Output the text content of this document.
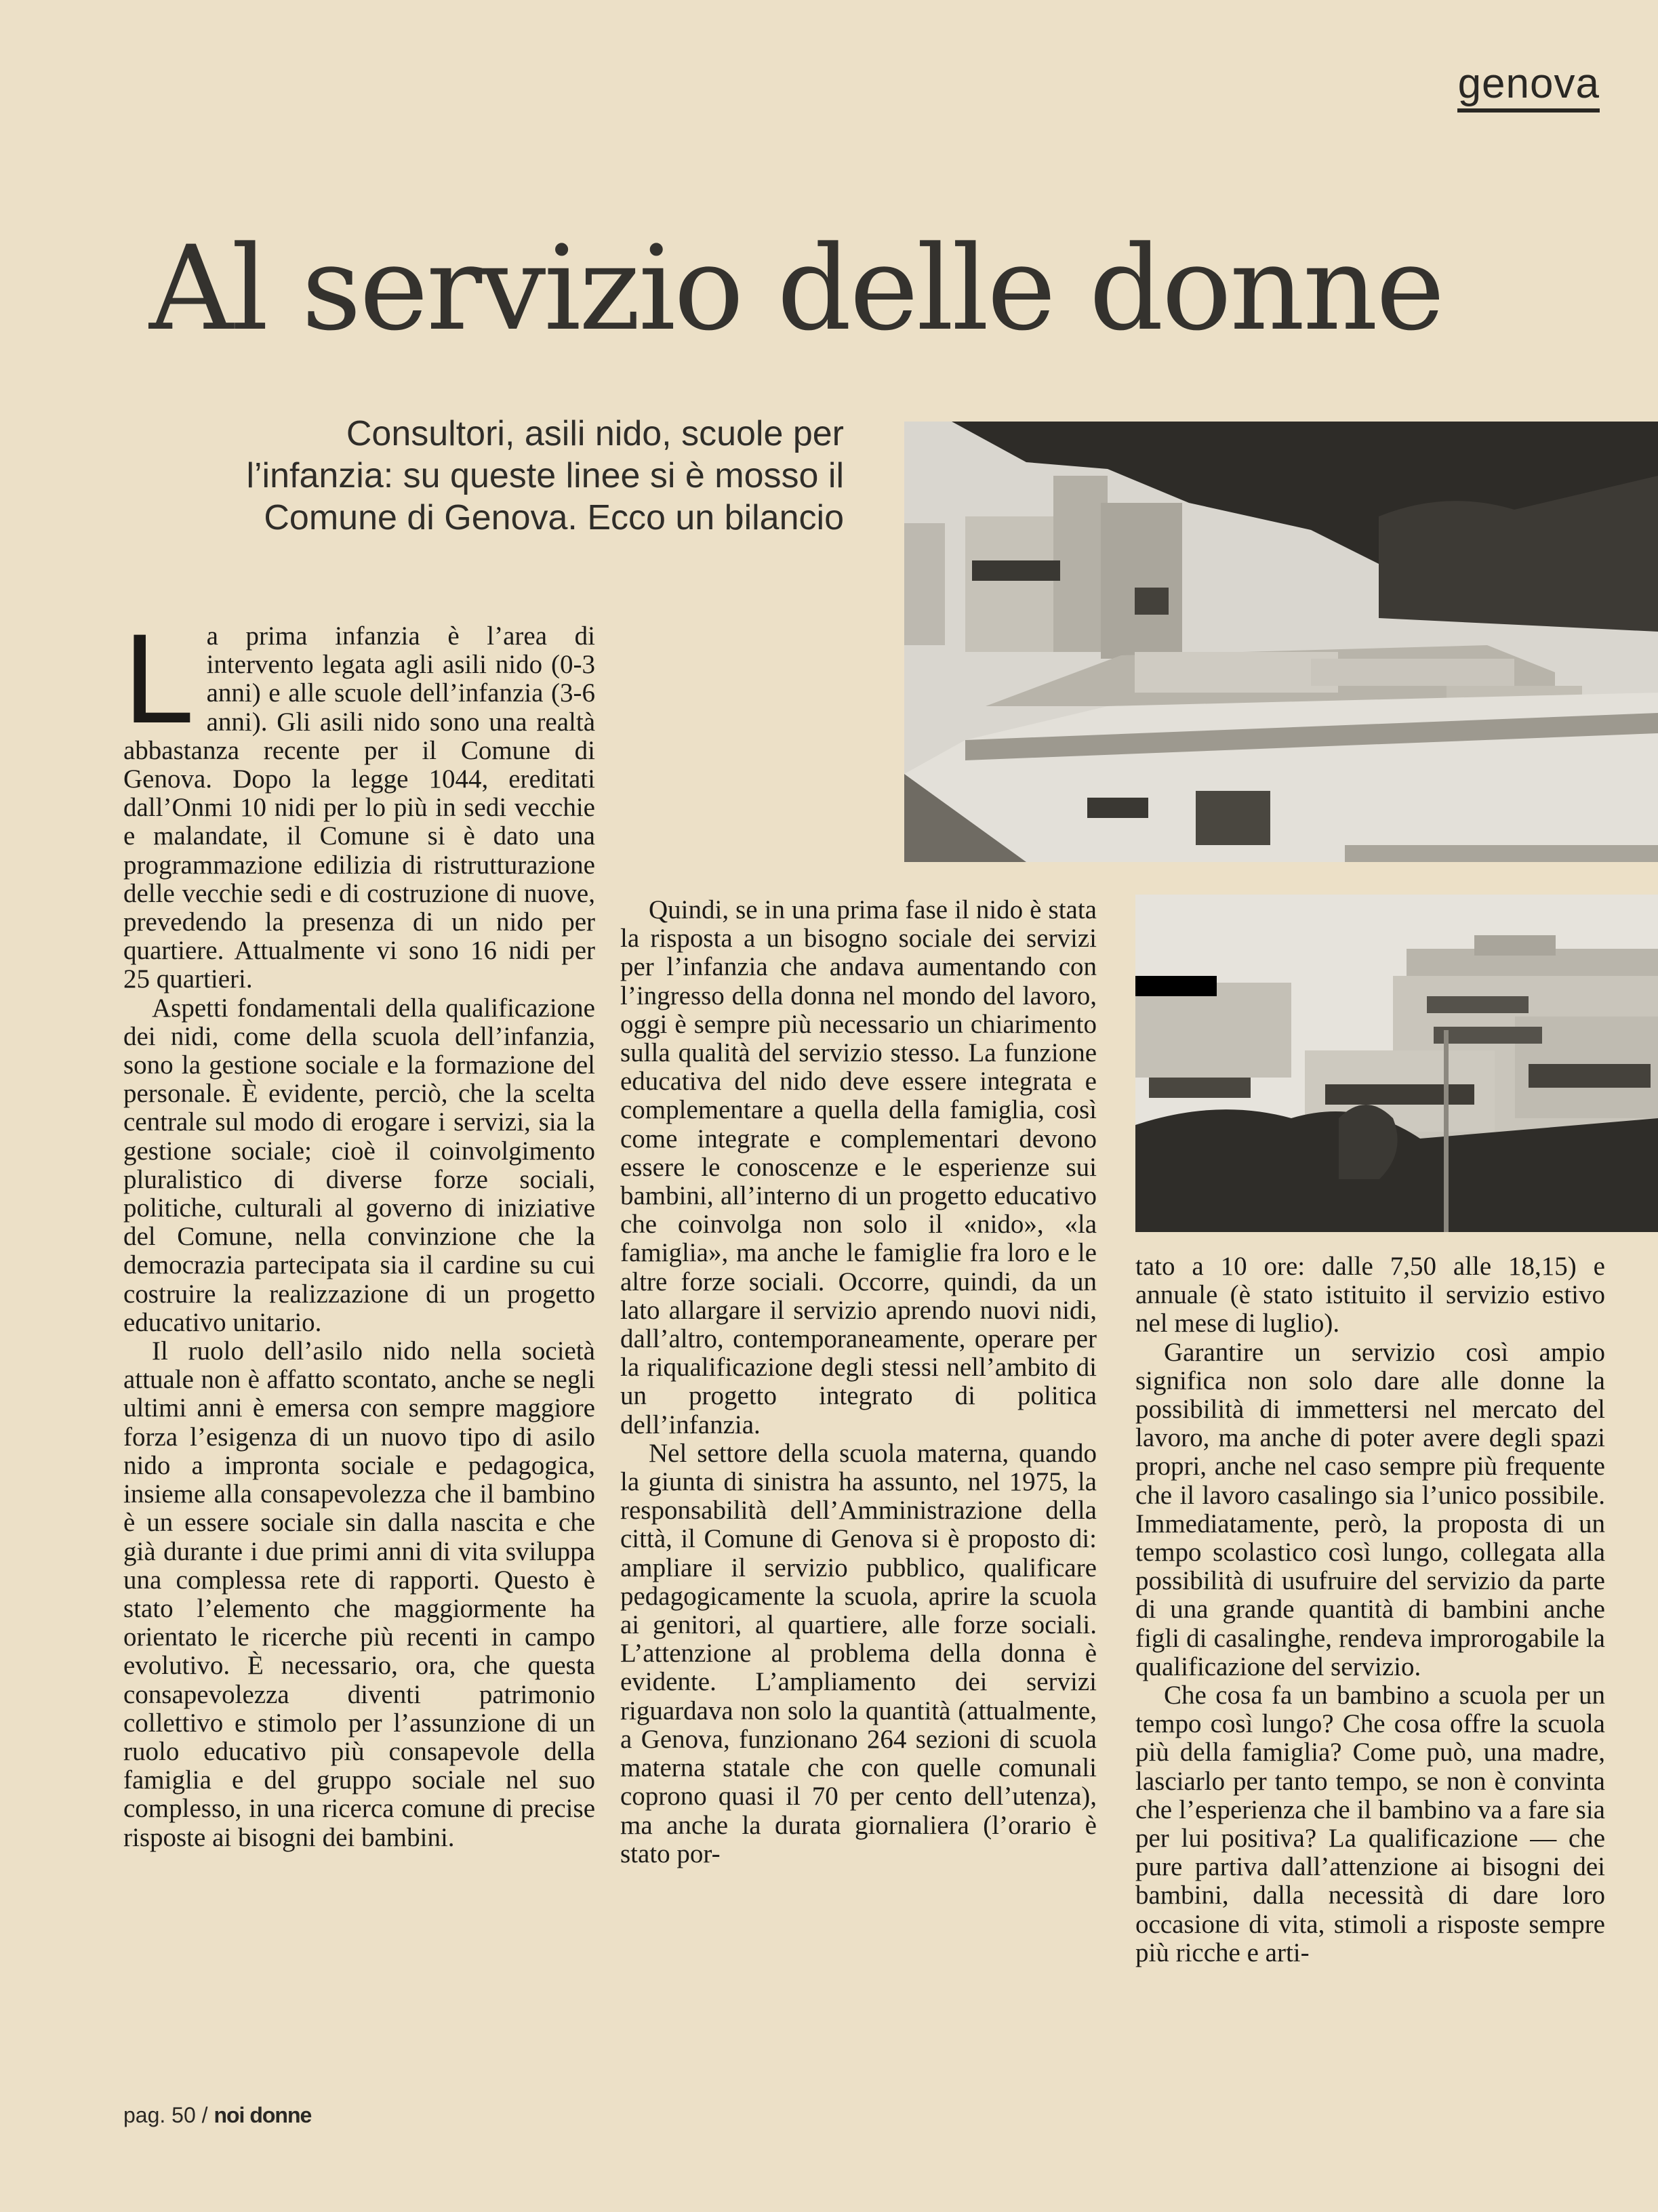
genova
Al servizio delle donne
Consultori, asili nido, scuole per l’infanzia: su queste linee si è mosso il Comune di Genova. Ecco un bilancio
L a prima infanzia è l’area di intervento legata agli asili nido (0-3 anni) e alle scuole dell’infanzia (3-6 anni). Gli asili nido sono una realtà abbastanza recente per il Comune di Genova. Dopo la legge 1044, ereditati dall’Onmi 10 nidi per lo più in sedi vecchie e malandate, il Comune si è dato una programmazione edilizia di ristrutturazione delle vecchie sedi e di costruzione di nuove, prevedendo la presenza di un nido per quartiere. Attualmente vi sono 16 nidi per 25 quartieri.

Aspetti fondamentali della qualificazione dei nidi, come della scuola dell’infanzia, sono la gestione sociale e la formazione del personale. È evidente, perciò, che la scelta centrale sul modo di erogare i servizi, sia la gestione sociale; cioè il coinvolgimento pluralistico di diverse forze sociali, politiche, culturali al governo di iniziative del Comune, nella convinzione che la democrazia partecipata sia il cardine su cui costruire la realizzazione di un progetto educativo unitario.

Il ruolo dell’asilo nido nella società attuale non è affatto scontato, anche se negli ultimi anni è emersa con sempre maggiore forza l’esigenza di un nuovo tipo di asilo nido a impronta sociale e pedagogica, insieme alla consapevolezza che il bambino è un essere sociale sin dalla nascita e che già durante i due primi anni di vita sviluppa una complessa rete di rapporti. Questo è stato l’elemento che maggiormente ha orientato le ricerche più recenti in campo evolutivo. È necessario, ora, che questa consapevolezza diventi patrimonio collettivo e stimolo per l’assunzione di un ruolo educativo più consapevole della famiglia e del gruppo sociale nel suo complesso, in una ricerca comune di precise risposte ai bisogni dei bambini.

Quindi, se in una prima fase il nido è stata la risposta a un bisogno sociale dei servizi per l’infanzia che andava aumentando con l’ingresso della donna nel mondo del lavoro, oggi è sempre più necessario un chiarimento sulla qualità del servizio stesso. La funzione educativa del nido deve essere integrata e complementare a quella della famiglia, così come integrate e complementari devono essere le conoscenze e le esperienze sui bambini, all’interno di un progetto educativo che coinvolga non solo il «nido», «la famiglia», ma anche le famiglie fra loro e le altre forze sociali. Occorre, quindi, da un lato allargare il servizio aprendo nuovi nidi, dall’altro, contemporaneamente, operare per la riqualificazione degli stessi nell’ambito di un progetto integrato di politica dell’infanzia.

Nel settore della scuola materna, quando la giunta di sinistra ha assunto, nel 1975, la responsabilità dell’Amministrazione della città, il Comune di Genova si è proposto di: ampliare il servizio pubblico, qualificare pedagogicamente la scuola, aprire la scuola ai genitori, al quartiere, alle forze sociali. L’attenzione al problema della donna è evidente. L’ampliamento dei servizi riguardava non solo la quantità (attualmente, a Genova, funzionano 264 sezioni di scuola materna statale che con quelle comunali coprono quasi il 70 per cento dell’utenza), ma anche la durata giornaliera (l’orario è stato por-

tato a 10 ore: dalle 7,50 alle 18,15) e annuale (è stato istituito il servizio estivo nel mese di luglio).

Garantire un servizio così ampio significa non solo dare alle donne la possibilità di immettersi nel mercato del lavoro, ma anche di poter avere degli spazi propri, anche nel caso sempre più frequente che il lavoro casalingo sia l’unico possibile. Immediatamente, però, la proposta di un tempo scolastico così lungo, collegata alla possibilità di usufruire del servizio da parte di una grande quantità di bambini anche figli di casalinghe, rendeva improrogabile la qualificazione del servizio.

Che cosa fa un bambino a scuola per un tempo così lungo? Che cosa offre la scuola più della famiglia? Come può, una madre, lasciarlo per tanto tempo, se non è convinta che l’esperienza che il bambino va a fare sia per lui positiva? La qualificazione — che pure partiva dall’attenzione ai bisogni dei bambini, dalla necessità di dare loro occasione di vita, stimoli a risposte sempre più ricche e arti-

pag. 50 / noi donne
